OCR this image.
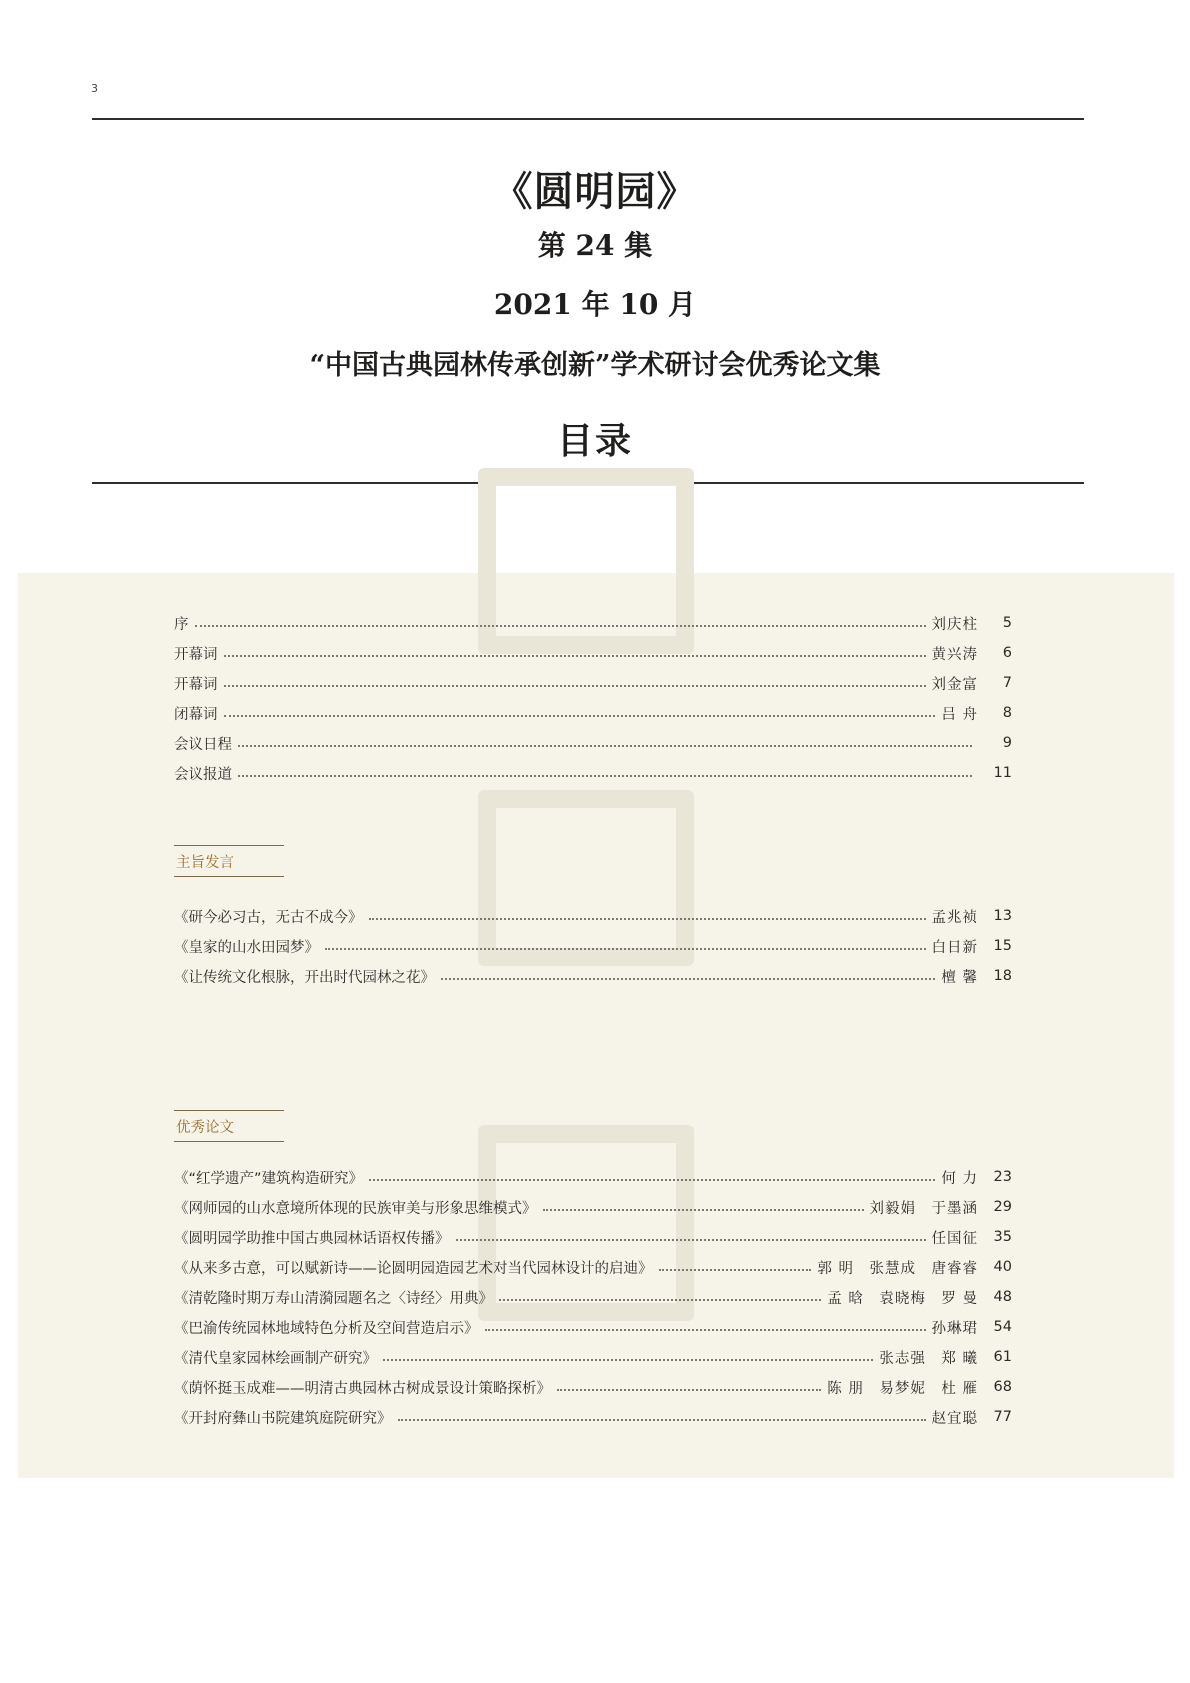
3
《圆明园》
第 24 集
2021 年 10 月
“中国古典园林传承创新”学术研讨会优秀论文集
目录
序	刘庆柱	5
开幕词	黄兴涛	6
开幕词	刘金富	7
闭幕词	吕 舟	8
会议日程	9
会议报道	11
主旨发言
《研今必习古，无古不成今》	孟兆祯	13
《皇家的山水田园梦》	白日新	15
《让传统文化根脉，开出时代园林之花》	檀 馨	18
优秀论文
《“红学遗产”建筑构造研究》	何 力	23
《网师园的山水意境所体现的民族审美与形象思维模式》	刘毅娟　于墨涵	29
《圆明园学助推中国古典园林话语权传播》	任国征	35
《从来多古意，可以赋新诗——论圆明园造园艺术对当代园林设计的启迪》	郭 明　张慧成　唐睿睿	40
《清乾隆时期万寿山清漪园题名之〈诗经〉用典》	孟 晗　袁晓梅　罗 曼	48
《巴渝传统园林地域特色分析及空间营造启示》	孙琳珺	54
《清代皇家园林绘画制产研究》	张志强　郑 曦	61
《荫怀挺玉成难——明清古典园林古树成景设计策略探析》	陈 朋　易梦妮　杜 雁	68
《开封府彝山书院建筑庭院研究》	赵宜聪	77
